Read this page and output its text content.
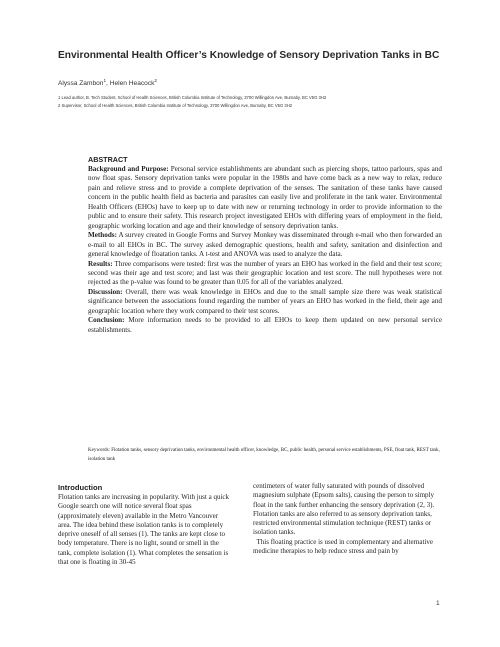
Environmental Health Officer’s Knowledge of Sensory Deprivation Tanks in BC
Alyssa Zambon$^1$, Helen Heacock$^2$
1 Lead author, B. Tech Student, School of Health Sciences, British Columbia Institute of Technology, 3700 Willingdon Ave, Burnaby, BC V5G 3H2
2 Supervisor, School of Health Sciences, British Columbia Institute of Technology, 3700 Willingdon Ave, Burnaby, BC V5G 3H2
ABSTRACT

Background and Purpose: Personal service establishments are abundant such as piercing shops, tattoo parlours, spas and now float spas. Sensory deprivation tanks were popular in the 1980s and have come back as a new way to relax, reduce pain and relieve stress and to provide a complete deprivation of the senses. The sanitation of these tanks have caused concern in the public health field as bacteria and parasites can easily live and proliferate in the tank water. Environmental Health Officers (EHOs) have to keep up to date with new or returning technology in order to provide information to the public and to ensure their safety. This research project investigated EHOs with differing years of employment in the field, geographic working location and age and their knowledge of sensory deprivation tanks.

Methods: A survey created in Google Forms and Survey Monkey was disseminated through e-mail who then forwarded an e-mail to all EHOs in BC. The survey asked demographic questions, health and safety, sanitation and disinfection and general knowledge of floatation tanks. A t-test and ANOVA was used to analyze the data.

Results: Three comparisons were tested: first was the number of years an EHO has worked in the field and their test score; second was their age and test score; and last was their geographic location and test score. The null hypotheses were not rejected as the p-value was found to be greater than 0.05 for all of the variables analyzed.

Discussion: Overall, there was weak knowledge in EHOs and due to the small sample size there was weak statistical significance between the associations found regarding the number of years an EHO has worked in the field, their age and geographic location where they work compared to their test scores.

Conclusion: More information needs to be provided to all EHOs to keep them updated on new personal service establishments.

Keywords: Flotation tanks, sensory deprivation tanks, environmental health officer, knowledge, BC, public health, personal service establishments, PSE, float tank, REST tank, isolation tank
Introduction

Flotation tanks are increasing in popularity. With just a quick Google search one will notice several float spas (approximately eleven) available in the Metro Vancouver area. The idea behind these isolation tanks is to completely deprive oneself of all senses (1). The tanks are kept close to body temperature. There is no light, sound or smell in the tank, complete isolation (1). What completes the sensation is that one is floating in 30-45

centimeters of water fully saturated with pounds of dissolved magnesium sulphate (Epsom salts), causing the person to simply float in the tank further enhancing the sensory deprivation (2, 3). Flotation tanks are also referred to as sensory deprivation tanks, restricted environmental stimulation technique (REST) tanks or isolation tanks.

This floating practice is used in complementary and alternative medicine therapies to help reduce stress and pain by

1
